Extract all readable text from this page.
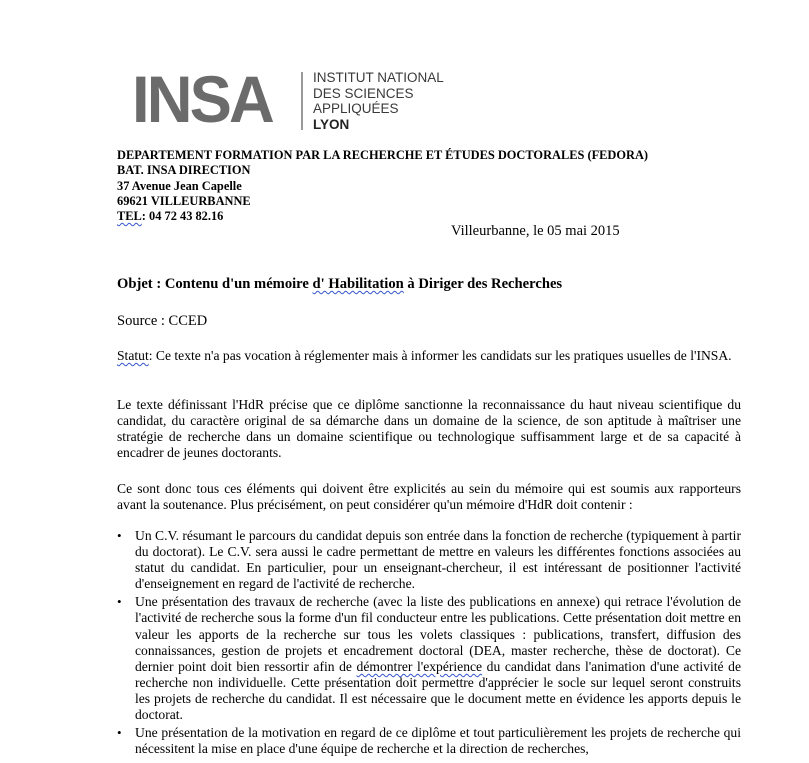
INSA	INSTITUT NATIONAL
DES SCIENCES
APPLIQUÉES
LYON
DEPARTEMENT FORMATION PAR LA RECHERCHE ET ÉTUDES DOCTORALES (FEDORA)
BAT. INSA DIRECTION
37 Avenue Jean Capelle
69621 VILLEURBANNE
TEL: 04 72 43 82.16
Villeurbanne, le 05 mai 2015
Objet : Contenu d'un mémoire d' Habilitation à Diriger des Recherches
Source : CCED

Statut: Ce texte n'a pas vocation à réglementer mais à informer les candidats sur les pratiques usuelles de l'INSA.

Le texte définissant l'HdR précise que ce diplôme sanctionne la reconnaissance du haut niveau scientifique du candidat, du caractère original de sa démarche dans un domaine de la science, de son aptitude à maîtriser une stratégie de recherche dans un domaine scientifique ou technologique suffisamment large et de sa capacité à encadrer de jeunes doctorants.

Ce sont donc tous ces éléments qui doivent être explicités au sein du mémoire qui est soumis aux rapporteurs avant la soutenance. Plus précisément, on peut considérer qu'un mémoire d'HdR doit contenir :

• Un C.V. résumant le parcours du candidat depuis son entrée dans la fonction de recherche (typiquement à partir du doctorat). Le C.V. sera aussi le cadre permettant de mettre en valeurs les différentes fonctions associées au statut du candidat. En particulier, pour un enseignant-chercheur, il est intéressant de positionner l'activité d'enseignement en regard de l'activité de recherche.
• Une présentation des travaux de recherche (avec la liste des publications en annexe) qui retrace l'évolution de l'activité de recherche sous la forme d'un fil conducteur entre les publications. Cette présentation doit mettre en valeur les apports de la recherche sur tous les volets classiques : publications, transfert, diffusion des connaissances, gestion de projets et encadrement doctoral (DEA, master recherche, thèse de doctorat). Ce dernier point doit bien ressortir afin de démontrer l'expérience du candidat dans l'animation d'une activité de recherche non individuelle. Cette présentation doit permettre d'apprécier le socle sur lequel seront construits les projets de recherche du candidat. Il est nécessaire que le document mette en évidence les apports depuis le doctorat.
• Une présentation de la motivation en regard de ce diplôme et tout particulièrement les projets de recherche qui nécessitent la mise en place d'une équipe de recherche et la direction de recherches,
